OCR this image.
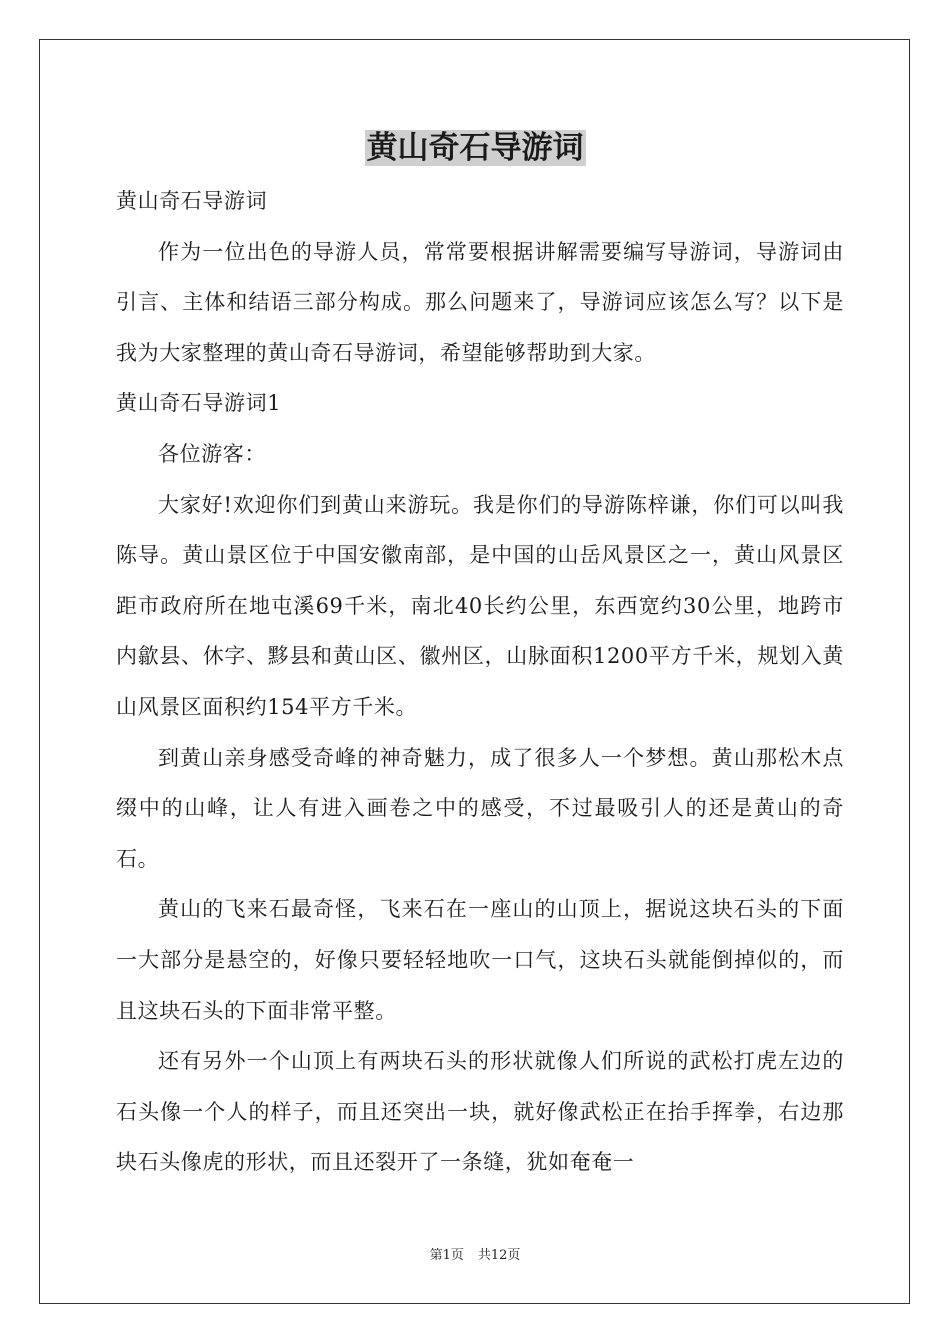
黄山奇石导游词

黄山奇石导游词

作为一位出色的导游人员，常常要根据讲解需要编写导游词，导游词由引言、主体和结语三部分构成。那么问题来了，导游词应该怎么写？以下是我为大家整理的黄山奇石导游词，希望能够帮助到大家。

黄山奇石导游词1

各位游客：

大家好!欢迎你们到黄山来游玩。我是你们的导游陈梓谦，你们可以叫我陈导。黄山景区位于中国安徽南部，是中国的山岳风景区之一，黄山风景区距市政府所在地屯溪69千米，南北40长约公里，东西宽约30公里，地跨市内歙县、休字、黟县和黄山区、徽州区，山脉面积1200平方千米，规划入黄山风景区面积约154平方千米。

到黄山亲身感受奇峰的神奇魅力，成了很多人一个梦想。黄山那松木点缀中的山峰，让人有进入画卷之中的感受，不过最吸引人的还是黄山的奇石。

黄山的飞来石最奇怪，飞来石在一座山的山顶上，据说这块石头的下面一大部分是悬空的，好像只要轻轻地吹一口气，这块石头就能倒掉似的，而且这块石头的下面非常平整。

还有另外一个山顶上有两块石头的形状就像人们所说的武松打虎左边的石头像一个人的样子，而且还突出一块，就好像武松正在抬手挥拳，右边那块石头像虎的形状，而且还裂开了一条缝，犹如奄奄一

第1页 共12页
